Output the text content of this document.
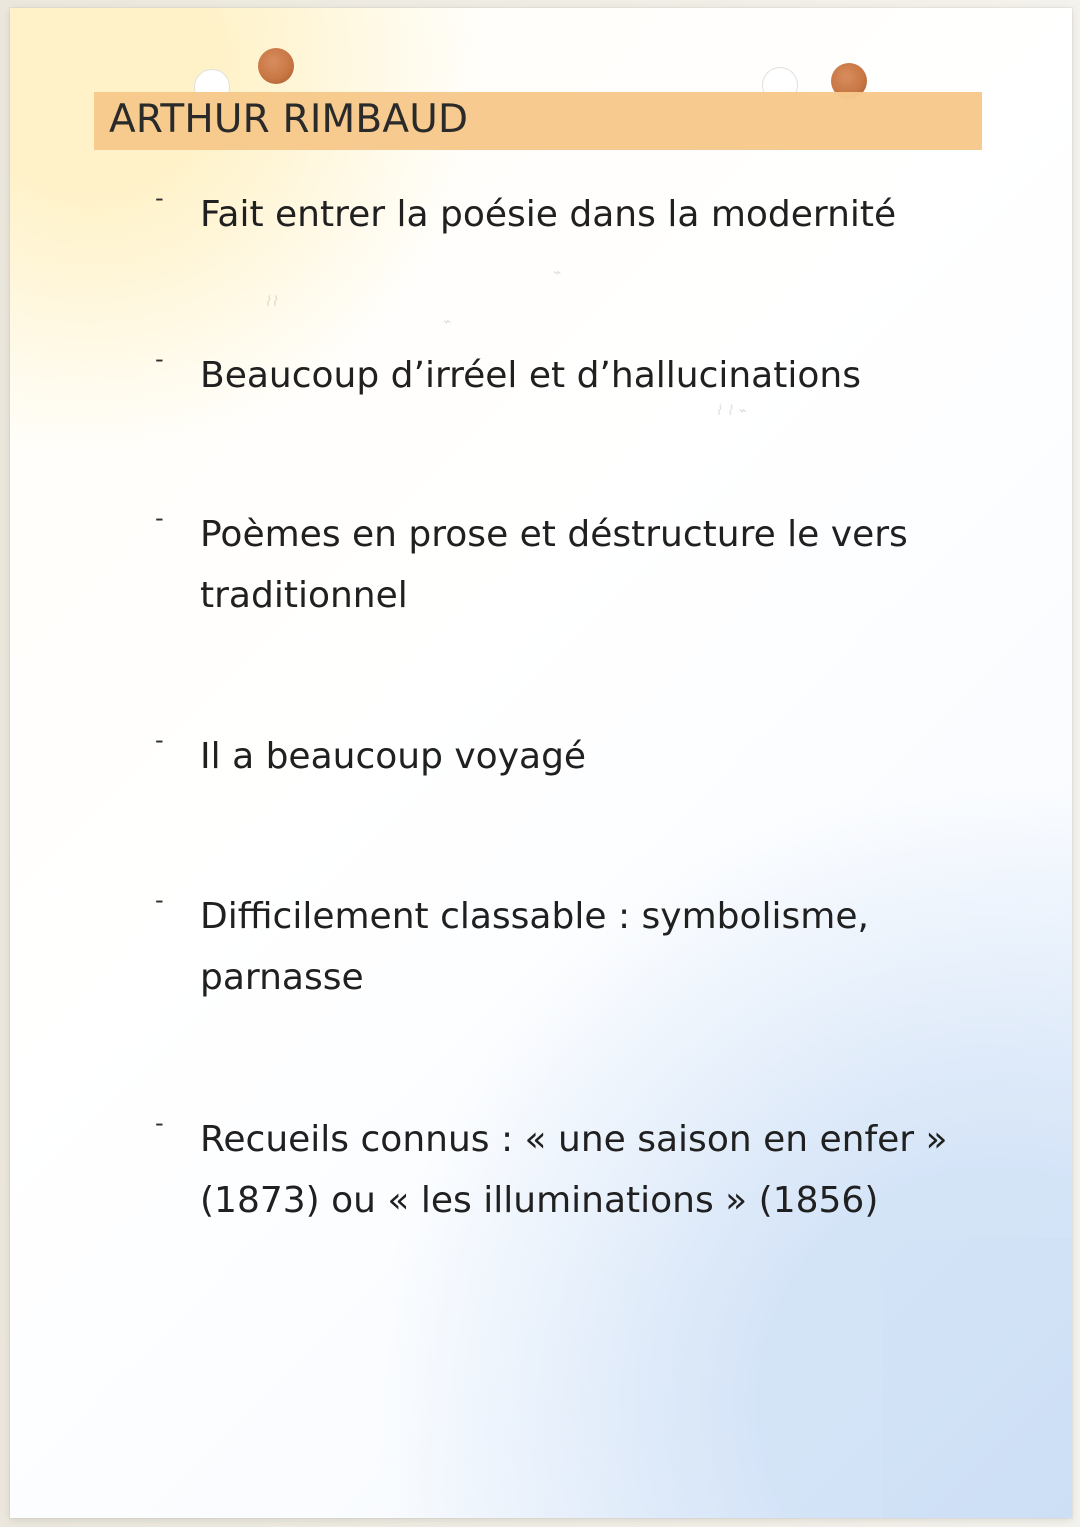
ARTHUR RIMBAUD
- Fait entrer la poésie dans la modernité
- Beaucoup d’irréel et d’hallucinations
- Poèmes en prose et déstructure le vers
traditionnel
- Il a beaucoup voyagé
- Difficilement classable : symbolisme,
parnasse
- Recueils connus : « une saison en enfer »
(1873) ou « les illuminations » (1856)
⌇⌇
⌁
⌇ ⌇ ⌁
⌁
